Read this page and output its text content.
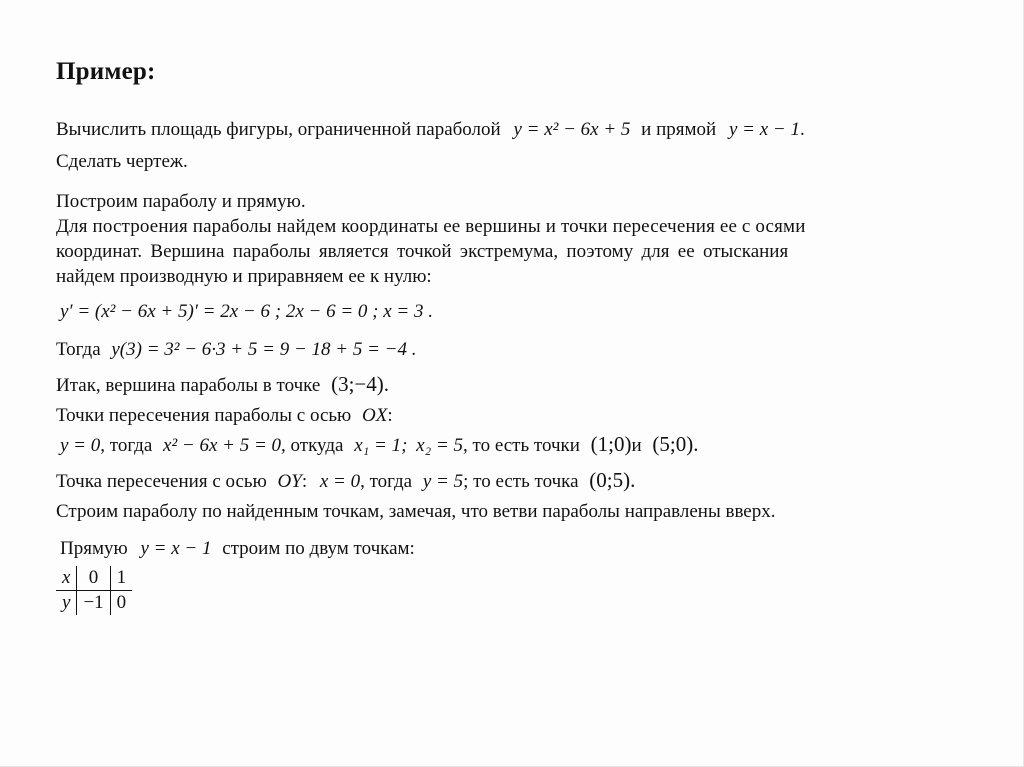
Пример:
Вычислить площадь фигуры, ограниченной параболой y = x² − 6x + 5 и прямой y = x − 1.
Сделать чертеж.
Построим параболу и прямую.
Для построения параболы найдем координаты ее вершины и точки пересечения ее с осями
координат. Вершина параболы является точкой экстремума, поэтому для ее отыскания
найдем производную и приравняем ее к нулю:
y′ = (x² − 6x + 5)′ = 2x − 6 ; 2x − 6 = 0 ; x = 3 .
Тогда y(3) = 3² − 6·3 + 5 = 9 − 18 + 5 = −4 .
Итак, вершина параболы в точке (3;−4).
Точки пересечения параболы с осью OX:
y = 0, тогда x² − 6x + 5 = 0, откуда x₁ = 1; x₂ = 5, то есть точки (1;0)и (5;0).
Точка пересечения с осью OY: x = 0, тогда y = 5; то есть точка (0;5).
Строим параболу по найденным точкам, замечая, что ветви параболы направлены вверх.
Прямую y = x − 1 строим по двум точкам:
x	0	1
y	−1	0
